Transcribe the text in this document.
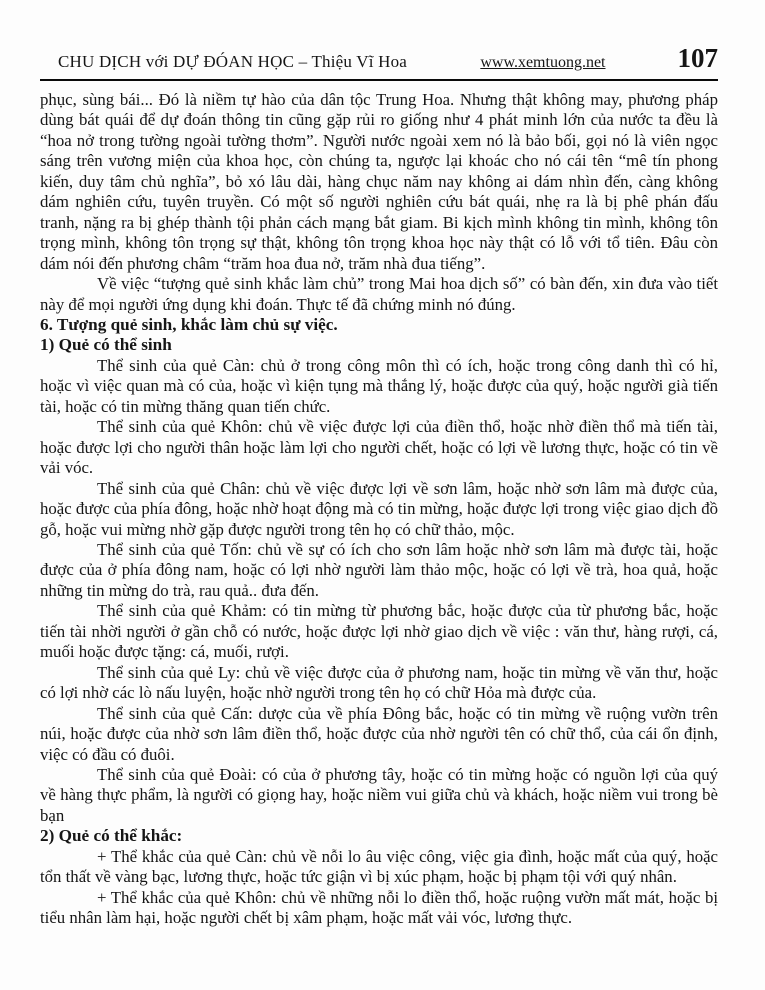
CHU DỊCH với DỰ ĐÓAN HỌC – Thiệu Vĩ Hoa	www.xemtuong.net	107

phục, sùng bái... Đó là niềm tự hào của dân tộc Trung Hoa. Nhưng thật không may, phương pháp dùng bát quái để dự đoán thông tin cũng gặp rủi ro giống như 4 phát minh lớn của nước ta đều là “hoa nở trong tường ngoài tường thơm”. Người nước ngoài xem nó là bảo bối, gọi nó là viên ngọc sáng trên vương miện của khoa học, còn chúng ta, ngược lại khoác cho nó cái tên “mê tín phong kiến, duy tâm chủ nghĩa”, bỏ xó lâu dài, hàng chục năm nay không ai dám nhìn đến, càng không dám nghiên cứu, tuyên truyền. Có một số người nghiên cứu bát quái, nhẹ ra là bị phê phán đấu tranh, nặng ra bị ghép thành tội phản cách mạng bắt giam. Bi kịch mình không tin mình, không tôn trọng mình, không tôn trọng sự thật, không tôn trọng khoa học này thật có lỗ với tổ tiên. Đâu còn dám nói đến phương châm “trăm hoa đua nở, trăm nhà đua tiếng”.

Về việc “tượng quẻ sinh khắc làm chủ” trong Mai hoa dịch số” có bàn đến, xin đưa vào tiết này để mọi người ứng dụng khi đoán. Thực tế đã chứng minh nó đúng.

6. Tượng quẻ sinh, khắc làm chủ sự việc.

1) Quẻ có thể sinh

Thể sinh của quẻ Càn: chủ ở trong công môn thì có ích, hoặc trong công danh thì có hỉ, hoặc vì việc quan mà có của, hoặc vì kiện tụng mà thắng lý, hoặc được của quý, hoặc người già tiến tài, hoặc có tin mừng thăng quan tiến chức.

Thể sinh của quẻ Khôn: chủ về việc được lợi của điền thổ, hoặc nhờ điền thổ mà tiến tài, hoặc được lợi cho người thân hoặc làm lợi cho người chết, hoặc có lợi về lương thực, hoặc có tin về vải vóc.

Thể sinh của quẻ Chân: chủ về việc được lợi về sơn lâm, hoặc nhờ sơn lâm mà được của, hoặc được của phía đông, hoặc nhờ hoạt động mà có tin mừng, hoặc được lợi trong việc giao dịch đồ gỗ, hoặc vui mừng nhờ gặp được người trong tên họ có chữ thảo, mộc.

Thể sinh của quẻ Tốn: chủ về sự có ích cho sơn lâm hoặc nhờ sơn lâm mà được tài, hoặc được của ở phía đông nam, hoặc có lợi nhờ người làm thảo mộc, hoặc có lợi về trà, hoa quả, hoặc những tin mừng do trà, rau quả.. đưa đến.

Thể sinh của quẻ Khảm: có tin mừng từ phương bắc, hoặc được của từ phương bắc, hoặc tiến tài nhời người ở gần chỗ có nước, hoặc được lợi nhờ giao dịch về việc : văn thư, hàng rượi, cá, muối hoặc được tặng: cá, muối, rượi.

Thể sinh của quẻ Ly: chủ về việc được của ở phương nam, hoặc tin mừng về văn thư, hoặc có lợi nhờ các lò nấu luyện, hoặc nhờ người trong tên họ có chữ Hỏa mà được của.

Thể sinh của quẻ Cấn: dược của về phía Đông bắc, hoặc có tin mừng về ruộng vườn trên núi, hoặc được của nhờ sơn lâm điền thổ, hoặc được của nhờ người tên có chữ thổ, của cái ổn định, việc có đầu có đuôi.

Thể sinh của quẻ Đoài: có của ở phương tây, hoặc có tin mừng hoặc có nguồn lợi của quý về hàng thực phẩm, là người có giọng hay, hoặc niềm vui giữa chủ và khách, hoặc niềm vui trong bè bạn

2) Quẻ có thể khắc:

+ Thể khắc của quẻ Càn: chủ về nỗi lo âu việc công, việc gia đình, hoặc mất của quý, hoặc tổn thất về vàng bạc, lương thực, hoặc tức giận vì bị xúc phạm, hoặc bị phạm tội với quý nhân.

+ Thể khắc của quẻ Khôn: chủ về những nỗi lo điền thổ, hoặc ruộng vườn mất mát, hoặc bị tiểu nhân làm hại, hoặc người chết bị xâm phạm, hoặc mất vải vóc, lương thực.
